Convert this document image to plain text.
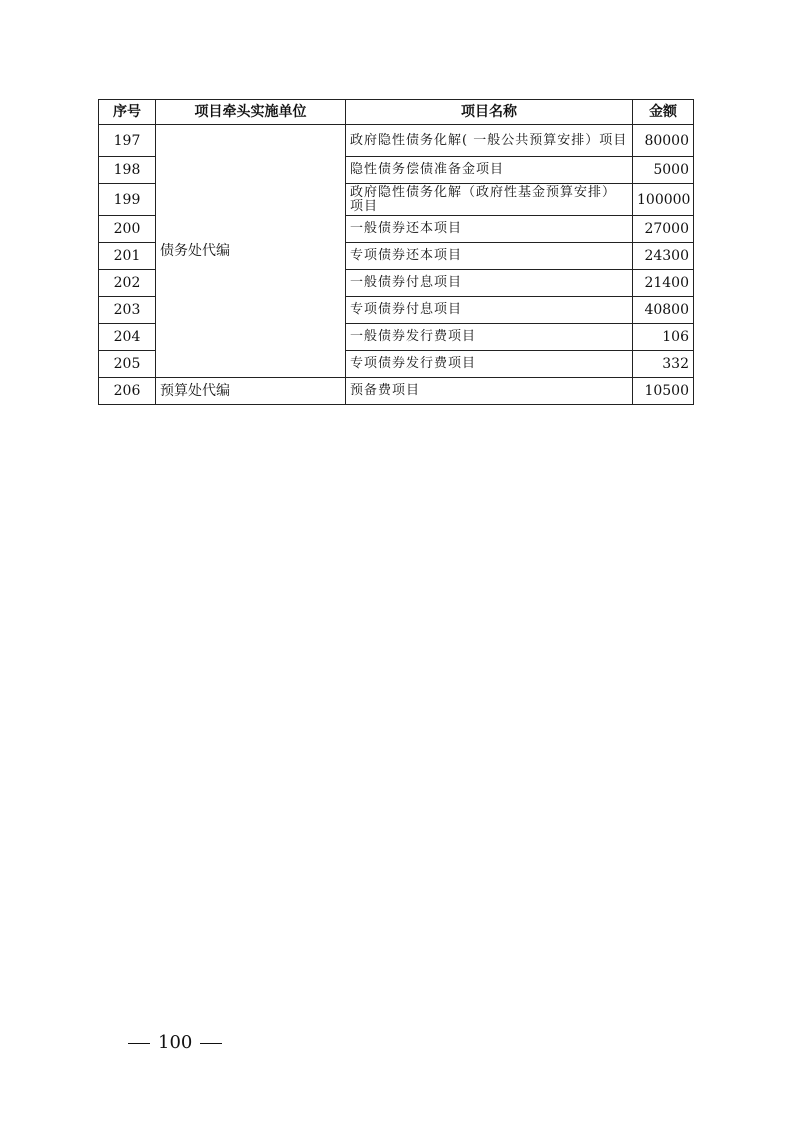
序号	项目牵头实施单位	项目名称	金额
197	债务处代编	政府隐性债务化解( 一般公共预算安排）项目	80000
198		隐性债务偿债准备金项目	5000
199		政府隐性债务化解（政府性基金预算安排）项目	100000
200		一般债券还本项目	27000
201		专项债券还本项目	24300
202		一般债券付息项目	21400
203		专项债券付息项目	40800
204		一般债券发行费项目	106
205		专项债券发行费项目	332
206	预算处代编	预备费项目	10500
100
